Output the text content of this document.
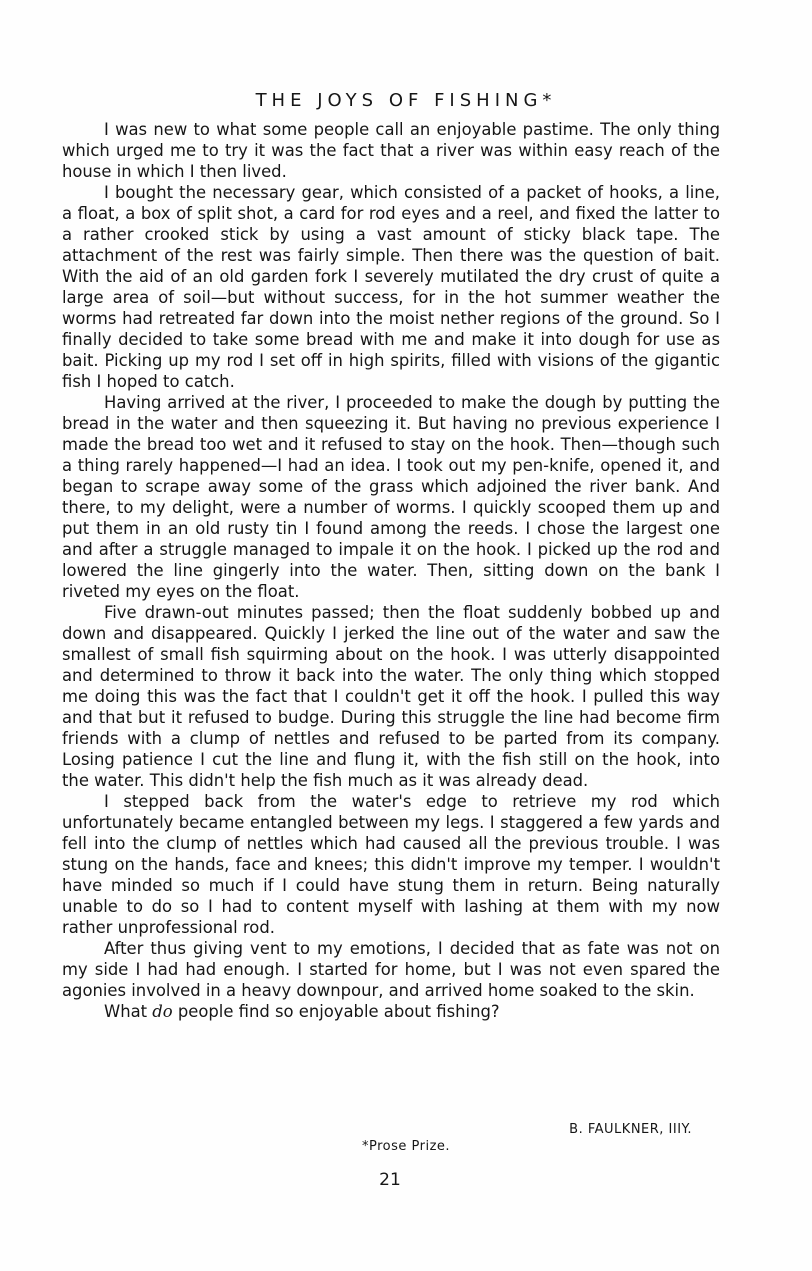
THE JOYS OF FISHING*

I was new to what some people call an enjoyable pastime. The only thing which urged me to try it was the fact that a river was within easy reach of the house in which I then lived.

I bought the necessary gear, which consisted of a packet of hooks, a line, a float, a box of split shot, a card for rod eyes and a reel, and fixed the latter to a rather crooked stick by using a vast amount of sticky black tape. The attachment of the rest was fairly simple. Then there was the question of bait. With the aid of an old garden fork I severely mutilated the dry crust of quite a large area of soil—but without success, for in the hot summer weather the worms had retreated far down into the moist nether regions of the ground. So I finally decided to take some bread with me and make it into dough for use as bait. Picking up my rod I set off in high spirits, filled with visions of the gigantic fish I hoped to catch.

Having arrived at the river, I proceeded to make the dough by putting the bread in the water and then squeezing it. But having no previous experience I made the bread too wet and it refused to stay on the hook. Then—though such a thing rarely happened—I had an idea. I took out my pen-knife, opened it, and began to scrape away some of the grass which adjoined the river bank. And there, to my delight, were a number of worms. I quickly scooped them up and put them in an old rusty tin I found among the reeds. I chose the largest one and after a struggle managed to impale it on the hook. I picked up the rod and lowered the line gingerly into the water. Then, sitting down on the bank I riveted my eyes on the float.

Five drawn-out minutes passed; then the float suddenly bobbed up and down and disappeared. Quickly I jerked the line out of the water and saw the smallest of small fish squirming about on the hook. I was utterly disappointed and determined to throw it back into the water. The only thing which stopped me doing this was the fact that I couldn't get it off the hook. I pulled this way and that but it refused to budge. During this struggle the line had become firm friends with a clump of nettles and refused to be parted from its company. Losing patience I cut the line and flung it, with the fish still on the hook, into the water. This didn't help the fish much as it was already dead.

I stepped back from the water's edge to retrieve my rod which unfortunately became entangled between my legs. I staggered a few yards and fell into the clump of nettles which had caused all the previous trouble. I was stung on the hands, face and knees; this didn't improve my temper. I wouldn't have minded so much if I could have stung them in return. Being naturally unable to do so I had to content myself with lashing at them with my now rather unprofessional rod.

After thus giving vent to my emotions, I decided that as fate was not on my side I had had enough. I started for home, but I was not even spared the agonies involved in a heavy downpour, and arrived home soaked to the skin.

What do people find so enjoyable about fishing?

B. FAULKNER, IIIY.

*Prose Prize.

21
